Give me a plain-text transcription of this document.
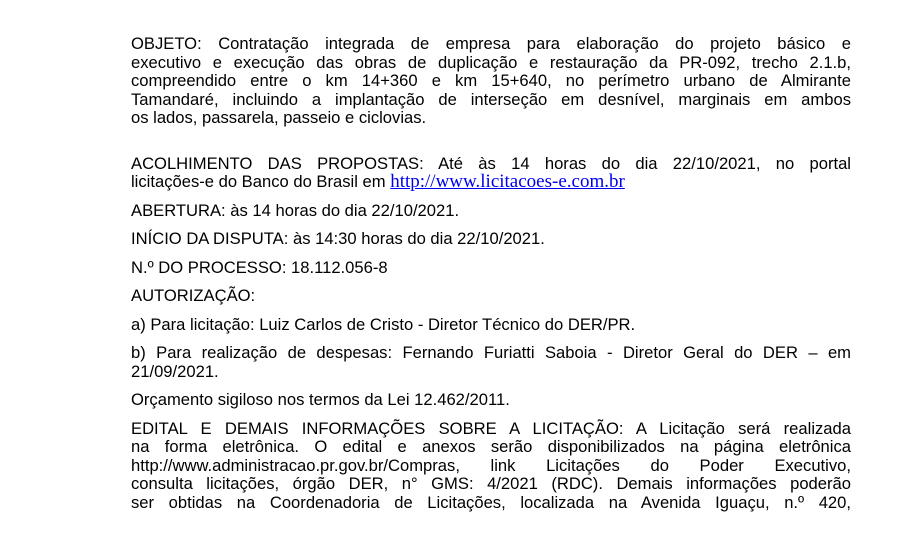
OBJETO: Contratação integrada de empresa para elaboração do projeto básico e
executivo e execução das obras de duplicação e restauração da PR-092, trecho 2.1.b,
compreendido entre o km 14+360 e km 15+640, no perímetro urbano de Almirante
Tamandaré, incluindo a implantação de interseção em desnível, marginais em ambos
os lados, passarela, passeio e ciclovias.
ACOLHIMENTO DAS PROPOSTAS: Até às 14 horas do dia 22/10/2021, no portal
licitações-e do Banco do Brasil em http://www.licitacoes-e.com.br
ABERTURA: às 14 horas do dia 22/10/2021.
INÍCIO DA DISPUTA: às 14:30 horas do dia 22/10/2021.
N.º DO PROCESSO: 18.112.056-8
AUTORIZAÇÃO:
a) Para licitação: Luiz Carlos de Cristo - Diretor Técnico do DER/PR.
b) Para realização de despesas: Fernando Furiatti Saboia - Diretor Geral do DER – em
21/09/2021.
Orçamento sigiloso nos termos da Lei 12.462/2011.
EDITAL E DEMAIS INFORMAÇÕES SOBRE A LICITAÇÃO: A Licitação será realizada
na forma eletrônica. O edital e anexos serão disponibilizados na página eletrônica
http://www.administracao.pr.gov.br/Compras, link Licitações do Poder Executivo,
consulta licitações, órgão DER, n° GMS: 4/2021 (RDC). Demais informações poderão
ser obtidas na Coordenadoria de Licitações, localizada na Avenida Iguaçu, n.º 420,
